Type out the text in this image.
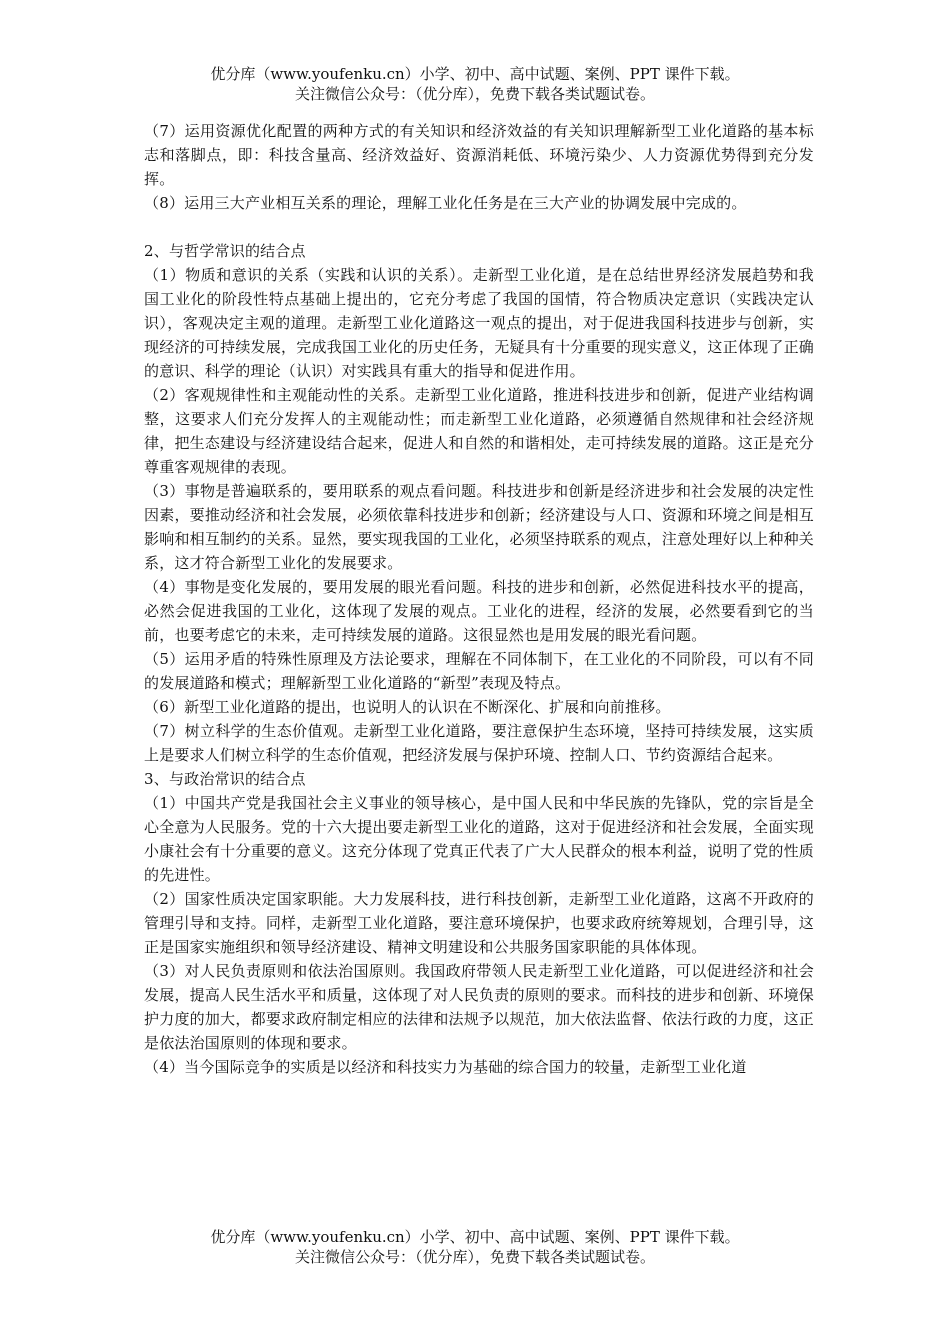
优分库（www.youfenku.cn）小学、初中、高中试题、案例、PPT 课件下载。
关注微信公众号：（优分库），免费下载各类试题试卷。

（7）运用资源优化配置的两种方式的有关知识和经济效益的有关知识理解新型工业化道路的基本标志和落脚点，即：科技含量高、经济效益好、资源消耗低、环境污染少、人力资源优势得到充分发挥。

（8）运用三大产业相互关系的理论，理解工业化任务是在三大产业的协调发展中完成的。

2、与哲学常识的结合点

（1）物质和意识的关系（实践和认识的关系）。走新型工业化道，是在总结世界经济发展趋势和我国工业化的阶段性特点基础上提出的，它充分考虑了我国的国情，符合物质决定意识（实践决定认识），客观决定主观的道理。走新型工业化道路这一观点的提出，对于促进我国科技进步与创新，实现经济的可持续发展，完成我国工业化的历史任务，无疑具有十分重要的现实意义，这正体现了正确的意识、科学的理论（认识）对实践具有重大的指导和促进作用。

（2）客观规律性和主观能动性的关系。走新型工业化道路，推进科技进步和创新，促进产业结构调整，这要求人们充分发挥人的主观能动性；而走新型工业化道路，必须遵循自然规律和社会经济规律，把生态建设与经济建设结合起来，促进人和自然的和谐相处，走可持续发展的道路。这正是充分尊重客观规律的表现。

（3）事物是普遍联系的，要用联系的观点看问题。科技进步和创新是经济进步和社会发展的决定性因素，要推动经济和社会发展，必须依靠科技进步和创新；经济建设与人口、资源和环境之间是相互影响和相互制约的关系。显然，要实现我国的工业化，必须坚持联系的观点，注意处理好以上种种关系，这才符合新型工业化的发展要求。

（4）事物是变化发展的，要用发展的眼光看问题。科技的进步和创新，必然促进科技水平的提高，必然会促进我国的工业化，这体现了发展的观点。工业化的进程，经济的发展，必然要看到它的当前，也要考虑它的未来，走可持续发展的道路。这很显然也是用发展的眼光看问题。

（5）运用矛盾的特殊性原理及方法论要求，理解在不同体制下，在工业化的不同阶段，可以有不同的发展道路和模式；理解新型工业化道路的“新型”表现及特点。

（6）新型工业化道路的提出，也说明人的认识在不断深化、扩展和向前推移。

（7）树立科学的生态价值观。走新型工业化道路，要注意保护生态环境，坚持可持续发展，这实质上是要求人们树立科学的生态价值观，把经济发展与保护环境、控制人口、节约资源结合起来。

3、与政治常识的结合点

（1）中国共产党是我国社会主义事业的领导核心，是中国人民和中华民族的先锋队，党的宗旨是全心全意为人民服务。党的十六大提出要走新型工业化的道路，这对于促进经济和社会发展，全面实现小康社会有十分重要的意义。这充分体现了党真正代表了广大人民群众的根本利益，说明了党的性质的先进性。

（2）国家性质决定国家职能。大力发展科技，进行科技创新，走新型工业化道路，这离不开政府的管理引导和支持。同样，走新型工业化道路，要注意环境保护，也要求政府统筹规划，合理引导，这正是国家实施组织和领导经济建设、精神文明建设和公共服务国家职能的具体体现。

（3）对人民负责原则和依法治国原则。我国政府带领人民走新型工业化道路，可以促进经济和社会发展，提高人民生活水平和质量，这体现了对人民负责的原则的要求。而科技的进步和创新、环境保护力度的加大，都要求政府制定相应的法律和法规予以规范，加大依法监督、依法行政的力度，这正是依法治国原则的体现和要求。

（4）当今国际竞争的实质是以经济和科技实力为基础的综合国力的较量，走新型工业化道

优分库（www.youfenku.cn）小学、初中、高中试题、案例、PPT 课件下载。
关注微信公众号：（优分库），免费下载各类试题试卷。
